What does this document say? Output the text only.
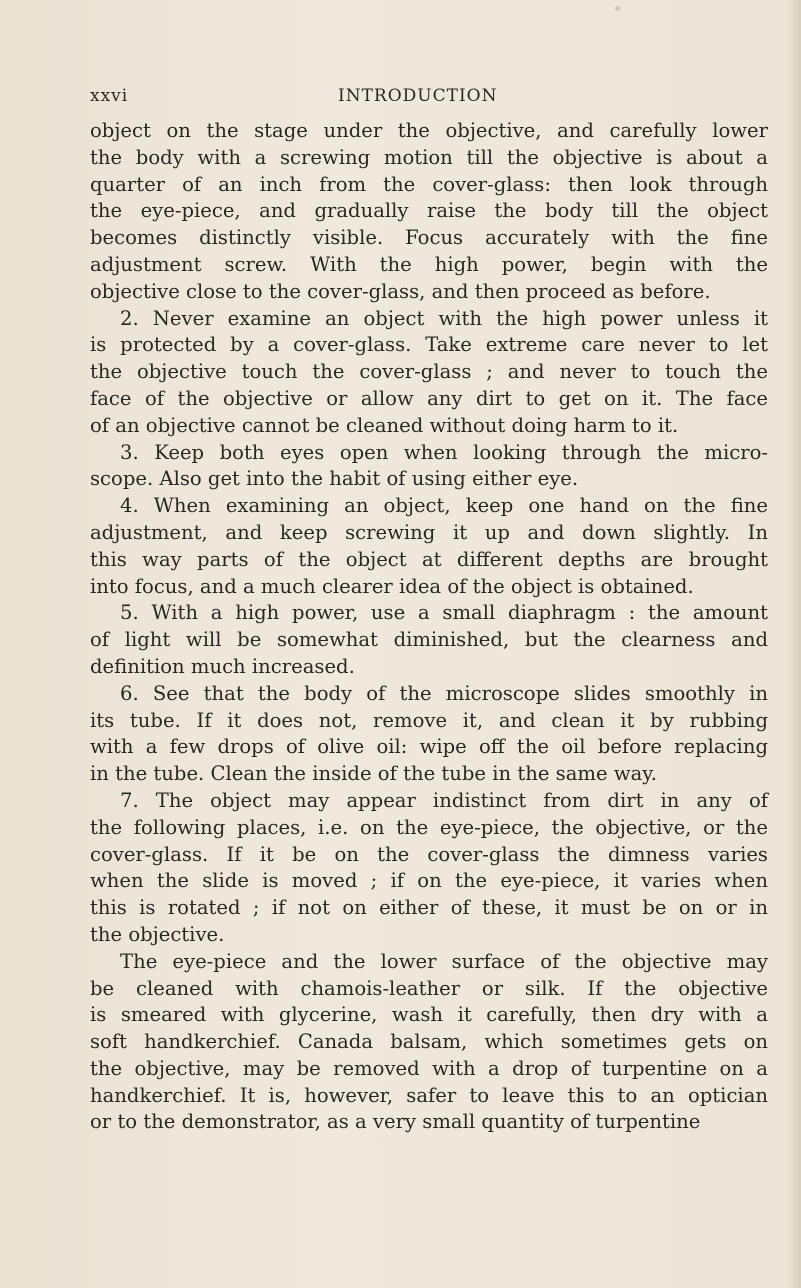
xxvi	INTRODUCTION
object on the stage under the objective, and carefully lower
the body with a screwing motion till the objective is about a
quarter of an inch from the cover-glass: then look through
the eye-piece, and gradually raise the body till the object
becomes distinctly visible. Focus accurately with the fine
adjustment screw. With the high power, begin with the
objective close to the cover-glass, and then proceed as before.
2. Never examine an object with the high power unless it
is protected by a cover-glass. Take extreme care never to let
the objective touch the cover-glass ; and never to touch the
face of the objective or allow any dirt to get on it. The face
of an objective cannot be cleaned without doing harm to it.
3. Keep both eyes open when looking through the micro-
scope. Also get into the habit of using either eye.
4. When examining an object, keep one hand on the fine
adjustment, and keep screwing it up and down slightly. In
this way parts of the object at different depths are brought
into focus, and a much clearer idea of the object is obtained.
5. With a high power, use a small diaphragm : the amount
of light will be somewhat diminished, but the clearness and
definition much increased.
6. See that the body of the microscope slides smoothly in
its tube. If it does not, remove it, and clean it by rubbing
with a few drops of olive oil: wipe off the oil before replacing
in the tube. Clean the inside of the tube in the same way.
7. The object may appear indistinct from dirt in any of
the following places, i.e. on the eye-piece, the objective, or the
cover-glass. If it be on the cover-glass the dimness varies
when the slide is moved ; if on the eye-piece, it varies when
this is rotated ; if not on either of these, it must be on or in
the objective.
The eye-piece and the lower surface of the objective may
be cleaned with chamois-leather or silk. If the objective
is smeared with glycerine, wash it carefully, then dry with a
soft handkerchief. Canada balsam, which sometimes gets on
the objective, may be removed with a drop of turpentine on a
handkerchief. It is, however, safer to leave this to an optician
or to the demonstrator, as a very small quantity of turpentine
